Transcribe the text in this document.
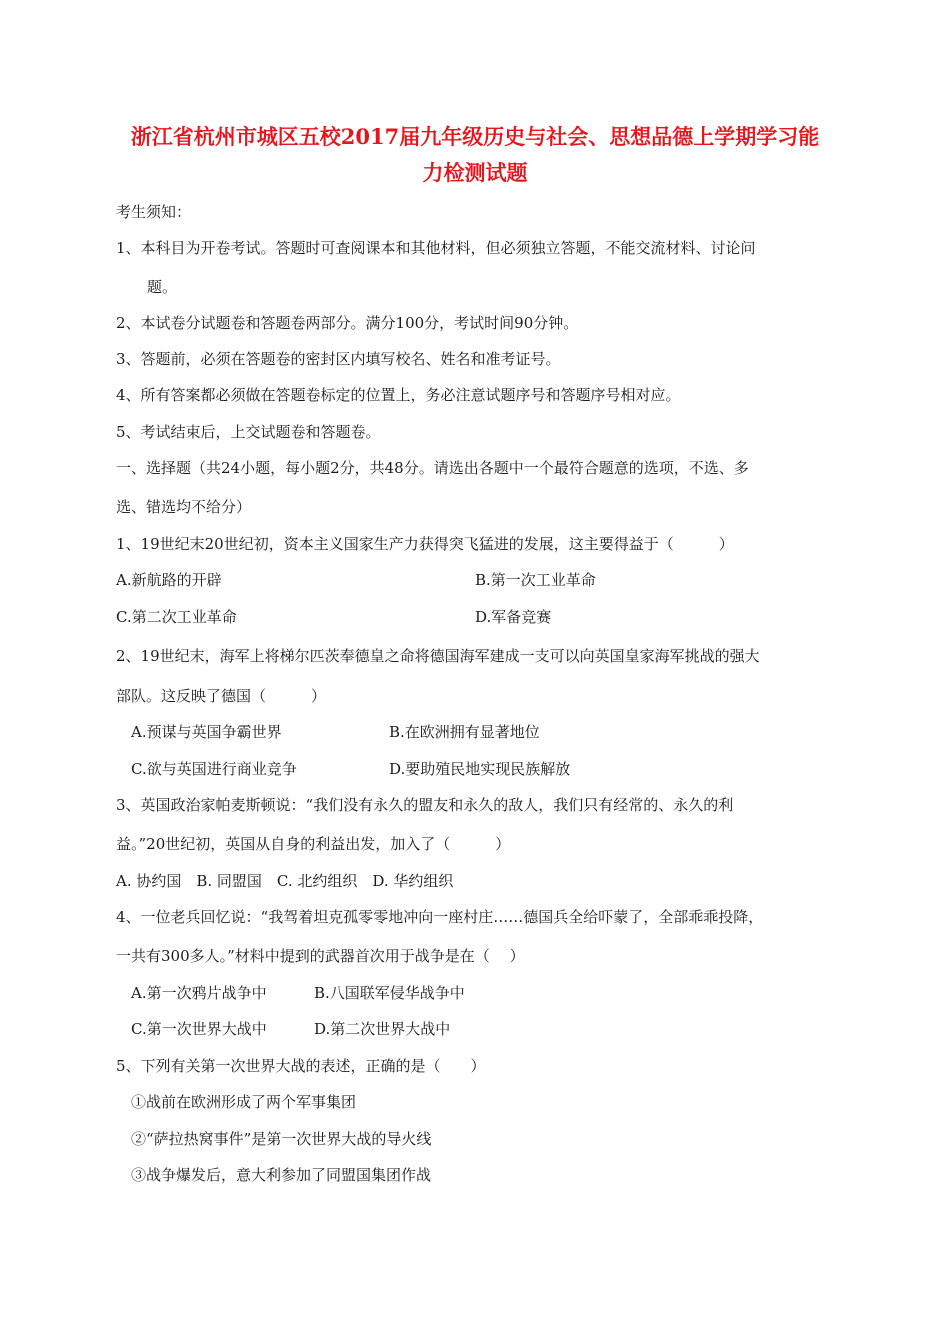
浙江省杭州市城区五校2017届九年级历史与社会、思想品德上学期学习能
力检测试题
考生须知：
1、本科目为开卷考试。答题时可查阅课本和其他材料，但必须独立答题，不能交流材料、讨论问
题。
2、本试卷分试题卷和答题卷两部分。满分100分，考试时间90分钟。
3、答题前，必须在答题卷的密封区内填写校名、姓名和准考证号。
4、所有答案都必须做在答题卷标定的位置上，务必注意试题序号和答题序号相对应。
5、考试结束后，上交试题卷和答题卷。
一、选择题（共24小题，每小题2分，共48分。请选出各题中一个最符合题意的选项，不选、多
选、错选均不给分）
1、19世纪末20世纪初，资本主义国家生产力获得突飞猛进的发展，这主要得益于（　　　）
A.新航路的开辟	B.第一次工业革命
C.第二次工业革命	D.军备竞赛
2、19世纪末，海军上将梯尔匹茨奉德皇之命将德国海军建成一支可以向英国皇家海军挑战的强大
部队。这反映了德国（　　　）
A.预谋与英国争霸世界	B.在欧洲拥有显著地位
C.欲与英国进行商业竞争	D.要助殖民地实现民族解放
3、英国政治家帕麦斯顿说：“我们没有永久的盟友和永久的敌人，我们只有经常的、永久的利
益。”20世纪初，英国从自身的利益出发，加入了（　　　）
A. 协约国　B. 同盟国　C. 北约组织　D. 华约组织
4、一位老兵回忆说：“我驾着坦克孤零零地冲向一座村庄……德国兵全给吓蒙了，全部乖乖投降，
一共有300多人。”材料中提到的武器首次用于战争是在（　 ）
A.第一次鸦片战争中	B.八国联军侵华战争中
C.第一次世界大战中	D.第二次世界大战中
5、下列有关第一次世界大战的表述，正确的是（　　）
①战前在欧洲形成了两个军事集团
②“萨拉热窝事件”是第一次世界大战的导火线
③战争爆发后，意大利参加了同盟国集团作战
